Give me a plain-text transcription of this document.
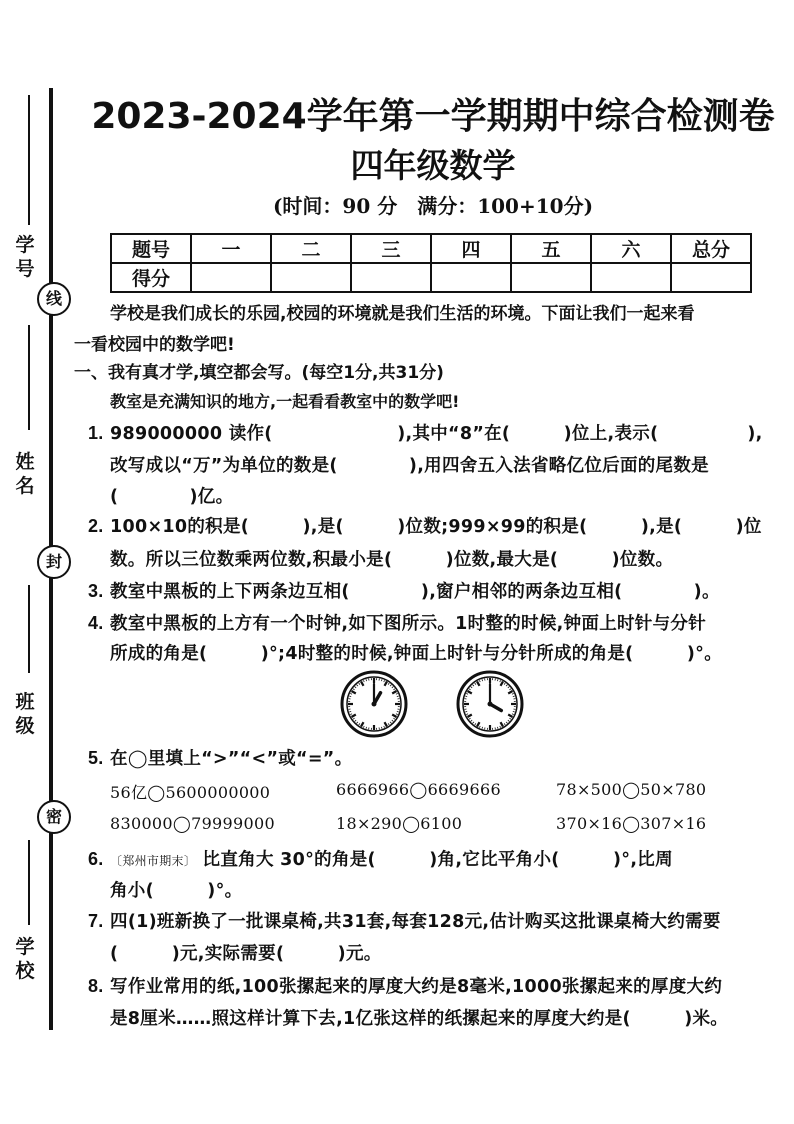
学
号
线
姓
名
封
班
级
密
学
校
2023-2024学年第一学期期中综合检测卷
四年级数学
(时间：90 分　满分：100+10分)
题号	一	二	三	四	五	六	总分
得分							
学校是我们成长的乐园,校园的环境就是我们生活的环境。下面让我们一起来看
一看校园中的数学吧!
一、我有真才学,填空都会写。(每空1分,共31分)
教室是充满知识的地方,一起看看教室中的数学吧!
1. 989000000 读作(　　　　　　　),其中“8”在(　　　)位上,表示(　　　　　),
改写成以“万”为单位的数是(　　　　),用四舍五入法省略亿位后面的尾数是
(　　　　)亿。
2. 100×10的积是(　　　),是(　　　)位数;999×99的积是(　　　),是(　　　)位
数。所以三位数乘两位数,积最小是(　　　)位数,最大是(　　　)位数。
3. 教室中黑板的上下两条边互相(　　　　),窗户相邻的两条边互相(　　　　)。
4. 教室中黑板的上方有一个时钟,如下图所示。1时整的时候,钟面上时针与分针
所成的角是(　　　)°;4时整的时候,钟面上时针与分针所成的角是(　　　)°。
5. 在◯里填上“>”“<”或“=”。
56亿◯5600000000	6666966◯6669666	78×500◯50×780
830000◯79999000	18×290◯6100	370×16◯307×16
6. 〔郑州市期末〕 比直角大 30°的角是(　　　)角,它比平角小(　　　)°,比周
角小(　　　)°。
7. 四(1)班新换了一批课桌椅,共31套,每套128元,估计购买这批课桌椅大约需要
(　　　)元,实际需要(　　　)元。
8. 写作业常用的纸,100张摞起来的厚度大约是8毫米,1000张摞起来的厚度大约
是8厘米……照这样计算下去,1亿张这样的纸摞起来的厚度大约是(　　　)米。
